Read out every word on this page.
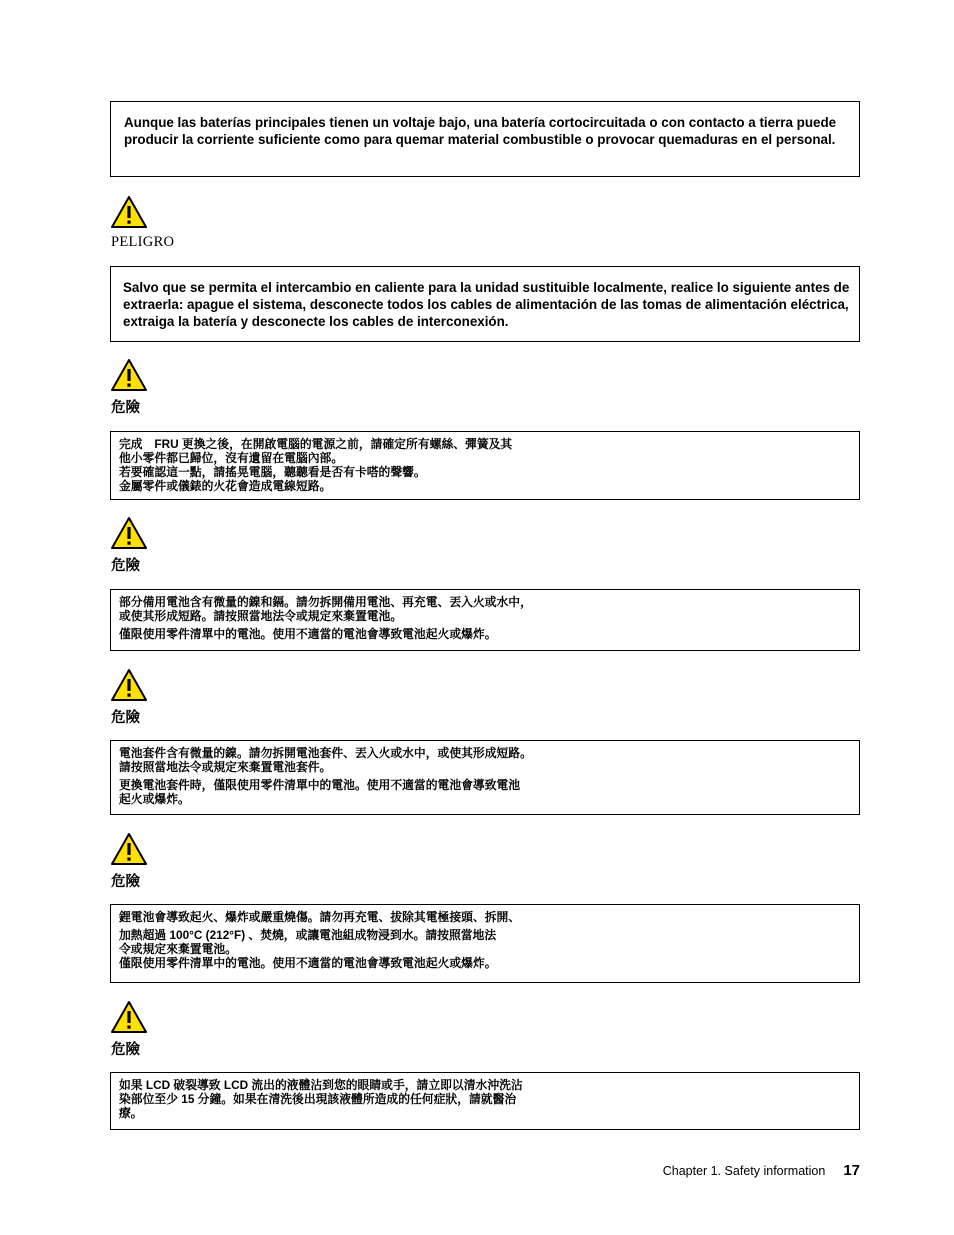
Aunque las baterías principales tienen un voltaje bajo, una batería cortocircuitada o con contacto a tierra puede producir la corriente suficiente como para quemar material combustible o provocar quemaduras en el personal.

PELIGRO

Salvo que se permita el intercambio en caliente para la unidad sustituible localmente, realice lo siguiente antes de extraerla: apague el sistema, desconecte todos los cables de alimentación de las tomas de alimentación eléctrica, extraiga la batería y desconecte los cables de interconexión.

危險

完成　FRU 更換之後，在開啟電腦的電源之前，請確定所有螺絲、彈簧及其

他小零件都已歸位，沒有遺留在電腦內部。

若要確認這一點，請搖晃電腦，聽聽看是否有卡嗒的聲響。

金屬零件或儀錶的火花會造成電線短路。

危險

部分備用電池含有微量的鎳和鎘。請勿拆開備用電池、再充電、丟入火或水中，

或使其形成短路。請按照當地法令或規定來棄置電池。

僅限使用零件清單中的電池。使用不適當的電池會導致電池起火或爆炸。

危險

電池套件含有微量的鎳。請勿拆開電池套件、丟入火或水中，或使其形成短路。

請按照當地法令或規定來棄置電池套件。

更換電池套件時，僅限使用零件清單中的電池。使用不適當的電池會導致電池

起火或爆炸。

危險

鋰電池會導致起火、爆炸或嚴重燒傷。請勿再充電、拔除其電極接頭、拆開、

加熱超過 100°C (212°F) 、焚燒，或讓電池組成物浸到水。請按照當地法

令或規定來棄置電池。

僅限使用零件清單中的電池。使用不適當的電池會導致電池起火或爆炸。

危險

如果 LCD 破裂導致 LCD 流出的液體沾到您的眼睛或手，請立即以清水沖洗沾

染部位至少 15 分鐘。如果在清洗後出現該液體所造成的任何症狀，請就醫治

療。

Chapter 1. Safety information 17
